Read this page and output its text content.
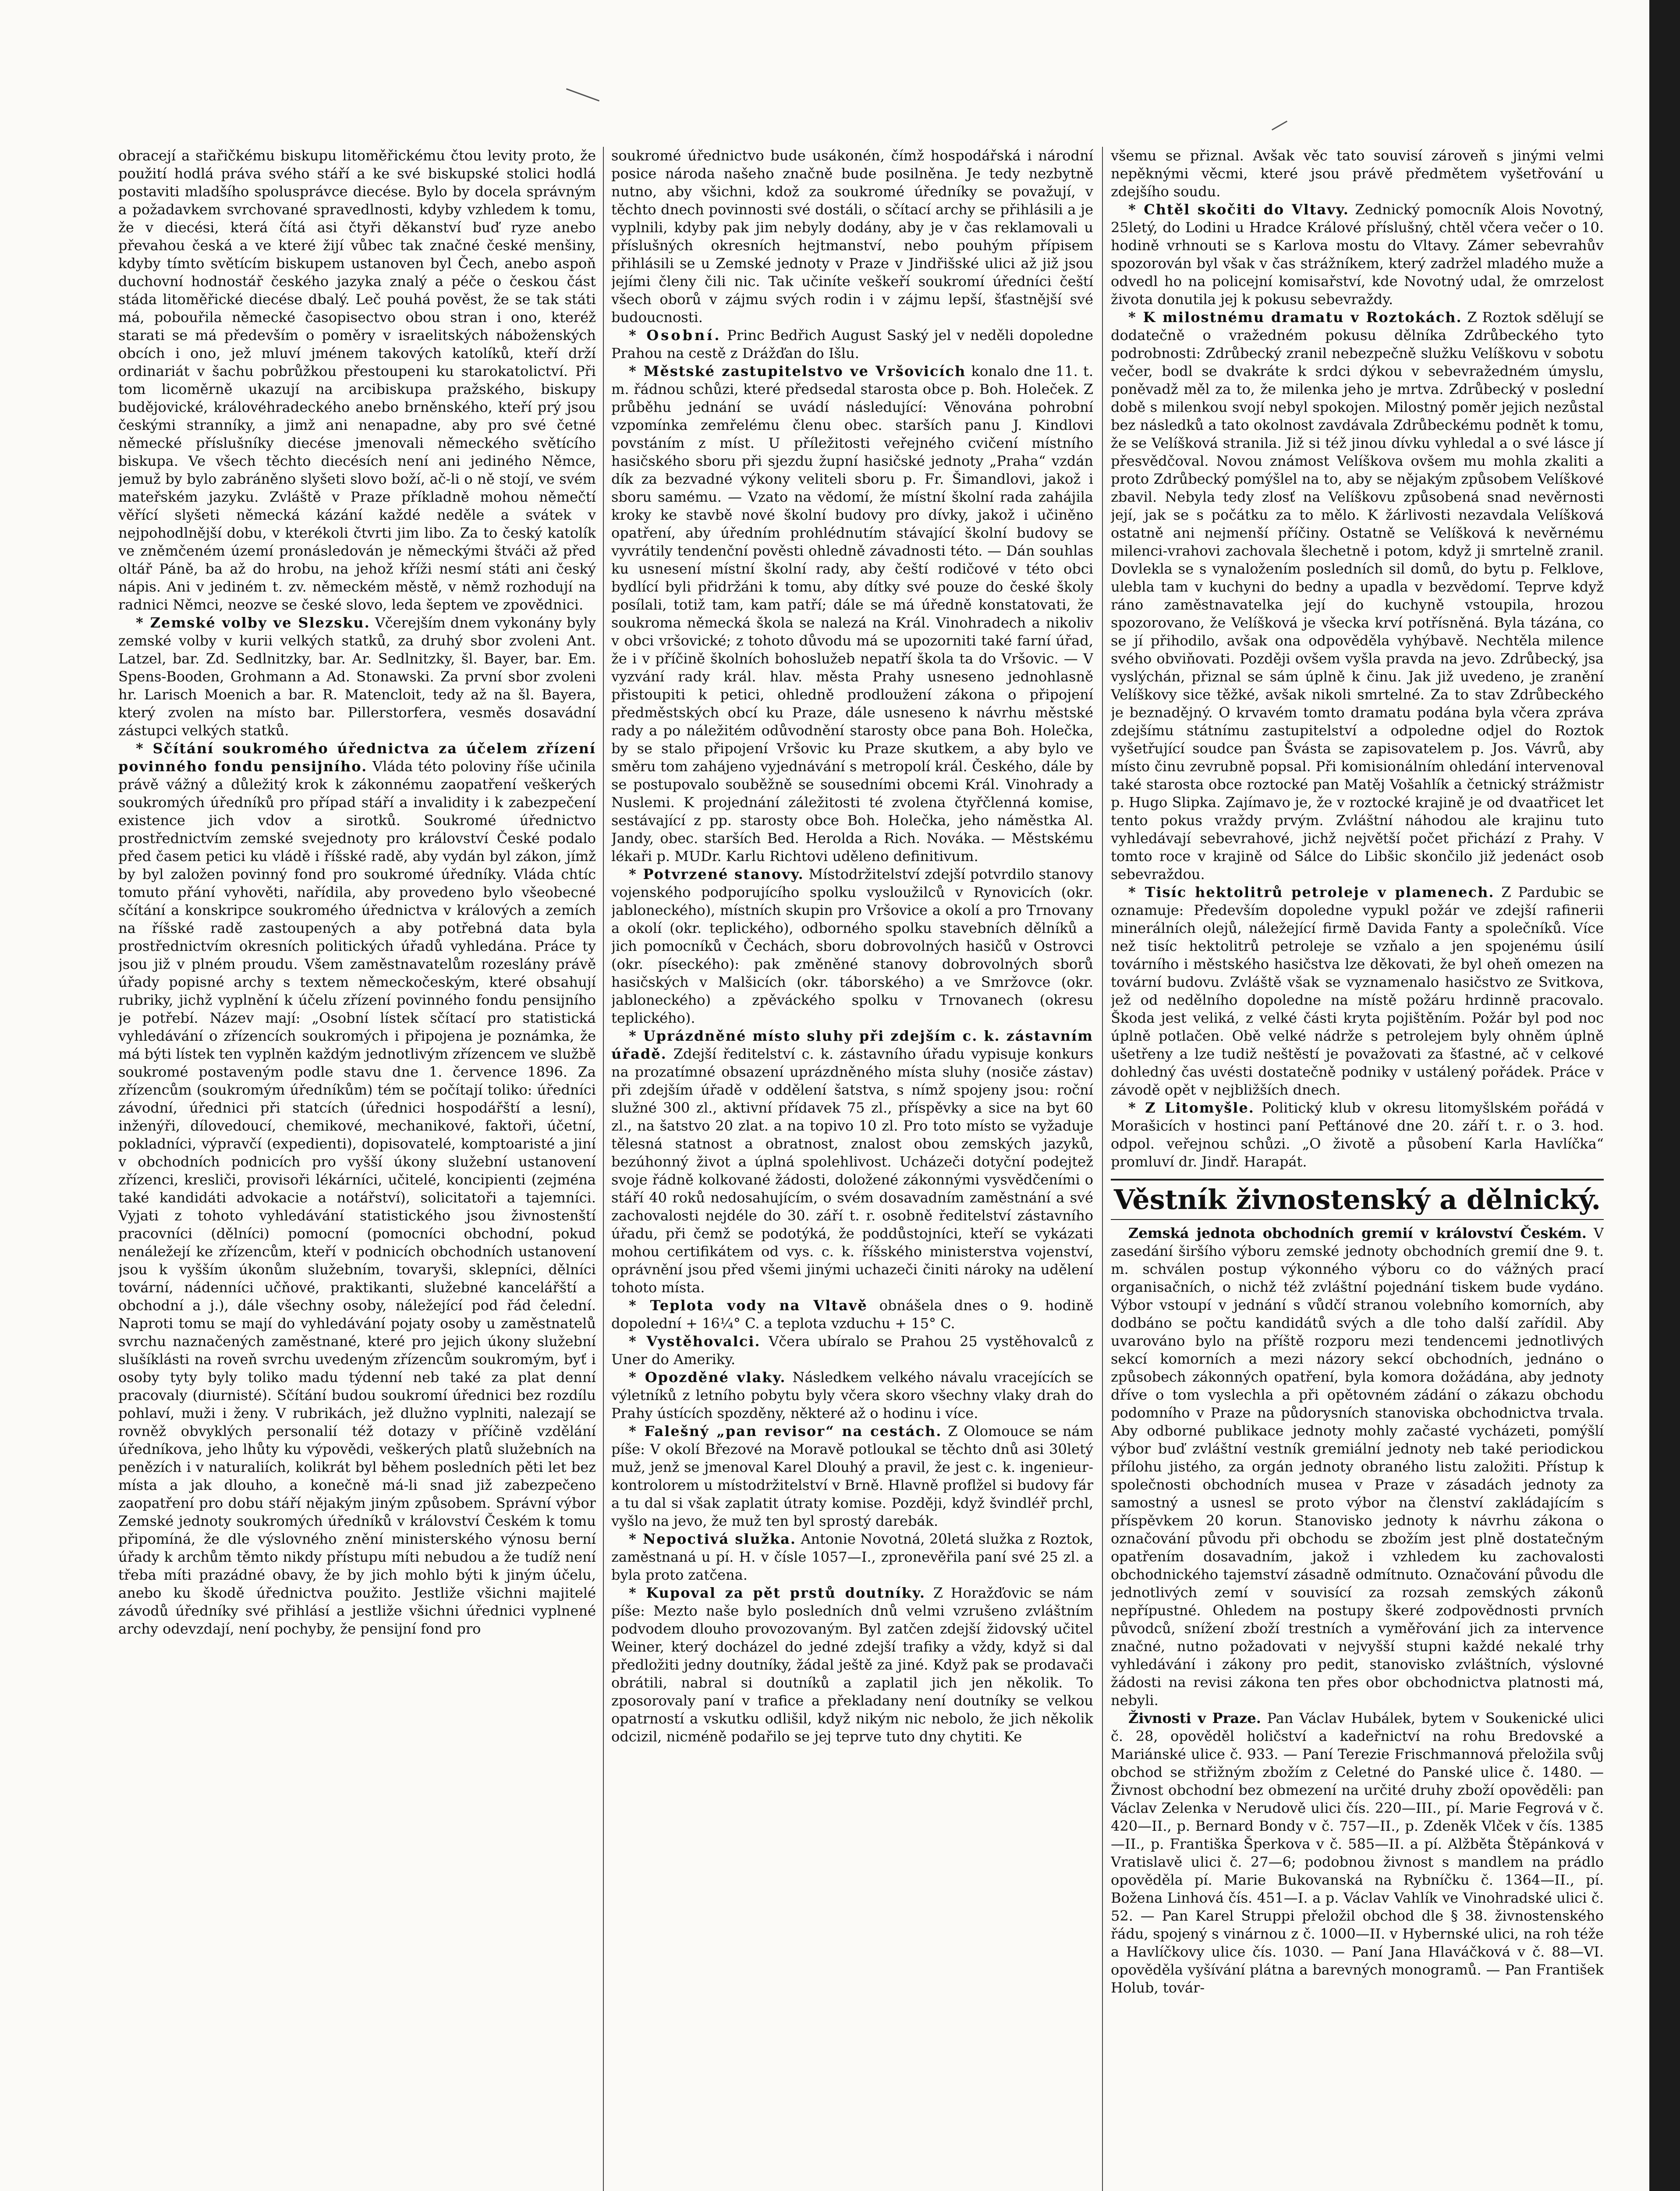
obracejí a stařičkému biskupu litoměřickému čtou levity proto, že použití hodlá práva svého stáří a ke své biskupské stolici hodlá postaviti mladšího spolusprávce diecése. Bylo by docela správným a požadavkem svrchované spravedlnosti, kdyby vzhledem k tomu, že v diecési, která čítá asi čtyři děkanství buď ryze anebo převahou česká a ve které žijí vůbec tak značné české menšiny, kdyby tímto světícím biskupem ustanoven byl Čech, anebo aspoň duchovní hodnostář českého jazyka znalý a péče o českou část stáda litoměřické diecése dbalý. Leč pouhá pověst, že se tak státi má, pobouřila německé časopisectvo obou stran i ono, kteréž starati se má především o poměry v israelitských náboženských obcích i ono, jež mluví jménem takových katolíků, kteří drží ordinariát v šachu pobrůžkou přestoupeni ku starokatolictví. Při tom licoměrně ukazují na arcibiskupa pražského, biskupy budějovické, královéhradeckého anebo brněnského, kteří prý jsou českými stranníky, a jimž ani nenapadne, aby pro své četné německé příslušníky diecése jmenovali německého světícího biskupa. Ve všech těchto diecésích není ani jediného Němce, jemuž by bylo zabráněno slyšeti slovo boží, ač-li o ně stojí, ve svém mateřském jazyku. Zvláště v Praze příkladně mohou němečtí věřící slyšeti německá kázání každé neděle a svátek v nejpohodlnější dobu, v kterékoli čtvrti jim libo. Za to český katolík ve zněmčeném území pronásledován je německými štváči až před oltář Páně, ba až do hrobu, na jehož kříži nesmí státi ani český nápis. Ani v jediném t. zv. německém městě, v němž rozhodují na radnici Němci, neozve se české slovo, leda šeptem ve zpovědnici.

* Zemské volby ve Slezsku. Včerejším dnem vykonány byly zemské volby v kurii velkých statků, za druhý sbor zvoleni Ant. Latzel, bar. Zd. Sedlnitzky, bar. Ar. Sedlnitzky, šl. Bayer, bar. Em. Spens-Booden, Grohmann a Ad. Stonawski. Za první sbor zvoleni hr. Larisch Moenich a bar. R. Matencloit, tedy až na šl. Bayera, který zvolen na místo bar. Pillerstorfera, vesměs dosavádní zástupci velkých statků.

* Sčítání soukromého úřednictva za účelem zřízení povinného fondu pensijního. Vláda této poloviny říše učinila právě vážný a důležitý krok k zákonnému zaopatření veškerých soukromých úředníků pro případ stáří a invalidity i k zabezpečení existence jich vdov a sirotků. Soukromé úřednictvo prostřednictvím zemské svejednoty pro království České podalo před časem petici ku vládě i říšské radě, aby vydán byl zákon, jímž by byl založen povinný fond pro soukromé úředníky. Vláda chtíc tomuto přání vyhověti, nařídila, aby provedeno bylo všeobecné sčítání a konskripce soukromého úřednictva v králových a zemích na říšské radě zastoupených a aby potřebná data byla prostřednictvím okresních politických úřadů vyhledána. Práce ty jsou již v plném proudu. Všem zaměstnavatelům rozeslány právě úřady popisné archy s textem německočeským, které obsahují rubriky, jichž vyplnění k účelu zřízení povinného fondu pensijního je potřebí. Název mají: „Osobní lístek sčítací pro statistická vyhledávání o zřízencích soukromých i připojena je poznámka, že má býti lístek ten vyplněn každým jednotlivým zřízencem ve službě soukromé postaveným podle stavu dne 1. července 1896. Za zřízencům (soukromým úředníkům) tém se počítají toliko: úředníci závodní, úřednici při statcích (úřednici hospodářští a lesní), inženýři, dílovedoucí, chemikové, mechanikové, faktoři, účetní, pokladníci, výpravčí (expedienti), dopisovatelé, komptoaristé a jiní v obchodních podnicích pro vyšší úkony služební ustanovení zřízenci, kresliči, provisoři lékárníci, učitelé, koncipienti (zejména také kandidáti advokacie a notářství), solicitatoři a tajemníci. Vyjati z tohoto vyhledávání statistického jsou živnostenští pracovníci (dělníci) pomocní (pomocníci obchodní, pokud nenáležejí ke zřízencům, kteří v podnicích obchodních ustanovení jsou k vyšším úkonům služebním, tovaryši, sklepníci, dělníci tovární, nádenníci učňové, praktikanti, služebné kancelářští a obchodní a j.), dále všechny osoby, náležející pod řád čelední. Naproti tomu se mají do vyhledávání pojaty osoby u zaměstnatelů svrchu naznačených zaměstnané, které pro jejich úkony služební slušíklásti na roveň svrchu uvedeným zřízencům soukromým, byť i osoby tyty byly toliko madu týdenní neb také za plat denní pracovaly (diurnisté). Sčítání budou soukromí úřednici bez rozdílu pohlaví, muži i ženy. V rubrikách, jež dlužno vyplniti, nalezají se rovněž obvyklých personalií též dotazy v příčině vzdělání úředníkova, jeho lhůty ku výpovědi, veškerých platů služebních na penězích i v naturaliích, kolikrát byl během posledních pěti let bez místa a jak dlouho, a konečně má-li snad již zabezpečeno zaopatření pro dobu stáří nějakým jiným způsobem. Správní výbor Zemské jednoty soukromých úředníků v království Českém k tomu připomíná, že dle výslovného znění ministerského výnosu berní úřady k archům těmto nikdy přístupu míti nebudou a že tudíž není třeba míti prazádné obavy, že by jich mohlo býti k jiným účelu, anebo ku škodě úřednictva použito. Jestliže všichni majitelé závodů úředníky své přihlásí a jestliže všichni úřednici vyplnené archy odevzdají, není pochyby, že pensijní fond pro

soukromé úřednictvo bude usákonén, čímž hospodářská i národní posice národa našeho značně bude posilněna. Je tedy nezbytně nutno, aby všichni, kdož za soukromé úředníky se považují, v těchto dnech povinnosti své dostáli, o sčítací archy se přihlásili a je vyplnili, kdyby pak jim nebyly dodány, aby je v čas reklamovali u příslušných okresních hejtmanství, nebo pouhým přípisem přihlásili se u Zemské jednoty v Praze v Jindřišské ulici až již jsou jejími členy čili nic. Tak učiníte veškeří soukromí úředníci čeští všech oborů v zájmu svých rodin i v zájmu lepší, šťastnější své budoucnosti.

* Osobní. Princ Bedřich August Saský jel v neděli dopoledne Prahou na cestě z Drážďan do Išlu.

* Městské zastupitelstvo ve Vršovicích konalo dne 11. t. m. řádnou schůzi, které předsedal starosta obce p. Boh. Holeček. Z průběhu jednání se uvádí následující: Věnována pohrobní vzpomínka zemřelému členu obec. starších panu J. Kindlovi povstáním z míst. U příležitosti veřejného cvičení místního hasičského sboru při sjezdu župní hasičské jednoty „Praha“ vzdán dík za bezvadné výkony veliteli sboru p. Fr. Šimandlovi, jakož i sboru samému. — Vzato na vědomí, že místní školní rada zahájila kroky ke stavbě nové školní budovy pro dívky, jakož i učiněno opatření, aby úředním prohlédnutím stávající školní budovy se vyvrátily tendenční pověsti ohledně závadnosti této. — Dán souhlas ku usnesení místní školní rady, aby čeští rodičové v této obci bydlící byli přidržáni k tomu, aby dítky své pouze do české školy posílali, totiž tam, kam patří; dále se má úředně konstatovati, že soukroma německá škola se nalezá na Král. Vinohradech a nikoliv v obci vršovické; z tohoto důvodu má se upozorniti také farní úřad, že i v příčině školních bohoslužeb nepatří škola ta do Vršovic. — V vyzvání rady král. hlav. města Prahy usneseno jednohlasně přistoupiti k petici, ohledně prodloužení zákona o připojení předměstských obcí ku Praze, dále usneseno k návrhu městské rady a po náležitém odůvodnění starosty obce pana Boh. Holečka, by se stalo připojení Vršovic ku Praze skutkem, a aby bylo ve směru tom zahájeno vyjednávání s metropolí král. Českého, dále by se postupovalo souběžně se sousedními obcemi Král. Vinohrady a Nuslemi. K projednání záležitosti té zvolena čtyřčlenná komise, sestávající z pp. starosty obce Boh. Holečka, jeho náměstka Al. Jandy, obec. starších Bed. Herolda a Rich. Nováka. — Městskému lékaři p. MUDr. Karlu Richtovi uděleno definitivum.

* Potvrzené stanovy. Místodržitelství zdejší potvrdilo stanovy vojenského podporujícího spolku vysloužilců v Rynovicích (okr. jabloneckého), místních skupin pro Vršovice a okolí a pro Trnovany a okolí (okr. teplického), odborného spolku stavebních dělníků a jich pomocníků v Čechách, sboru dobrovolných hasičů v Ostrovci (okr. píseckého): pak změněné stanovy dobrovolných sborů hasičských v Malšicích (okr. táborského) a ve Smržovce (okr. jabloneckého) a zpěváckého spolku v Trnovanech (okresu teplického).

* Uprázdněné místo sluhy při zdejším c. k. zástavním úřadě. Zdejší ředitelství c. k. zástavního úřadu vypisuje konkurs na prozatímné obsazení uprázdněného místa sluhy (nosiče zástav) při zdejším úřadě v oddělení šatstva, s nímž spojeny jsou: roční služné 300 zl., aktivní přídavek 75 zl., příspěvky a sice na byt 60 zl., na šatstvo 20 zlat. a na topivo 10 zl. Pro toto místo se vyžaduje tělesná statnost a obratnost, znalost obou zemských jazyků, bezúhonný život a úplná spolehlivost. Ucházeči dotyční podejtež svoje řádně kolkované žádosti, doložené zákonnými vysvědčeními o stáří 40 roků nedosahujícím, o svém dosavadním zaměstnání a své zachovalosti nejdéle do 30. září t. r. osobně ředitelství zástavního úřadu, při čemž se podotýká, že poddůstojníci, kteří se vykázati mohou certifikátem od vys. c. k. říšského ministerstva vojenství, oprávnění jsou před všemi jinými uchazeči činiti nároky na udělení tohoto místa.

* Teplota vody na Vltavě obnášela dnes o 9. hodině dopolední + 16¼° C. a teplota vzduchu + 15° C.

* Vystěhovalci. Včera ubíralo se Prahou 25 vystěhovalců z Uner do Ameriky.

* Opozděné vlaky. Následkem velkého návalu vracejících se výletníků z letního pobytu byly včera skoro všechny vlaky drah do Prahy ústících spozděny, některé až o hodinu i více.

* Falešný „pan revisor“ na cestách. Z Olomouce se nám píše: V okolí Březové na Moravě potloukal se těchto dnů asi 30letý muž, jenž se jmenoval Karel Dlouhý a pravil, že jest c. k. ingenieur-kontrolorem u místodržitelství v Brně. Hlavně proflžel si budovy fár a tu dal si však zaplatit útraty komise. Později, když švindléř prchl, vyšlo na jevo, že muž ten byl sprostý darebák.

* Nepoctivá služka. Antonie Novotná, 20letá služka z Roztok, zaměstnaná u pí. H. v čísle 1057—I., zpronevěřila paní své 25 zl. a byla proto zatčena.

* Kupoval za pět prstů doutníky. Z Horažďovic se nám píše: Mezto naše bylo posledních dnů velmi vzrušeno zvláštním podvodem dlouho provozovaným. Byl zatčen zdejší židovský učitel Weiner, který docházel do jedné zdejší trafiky a vždy, když si dal předložiti jedny doutníky, žádal ještě za jiné. Když pak se prodavači obrátili, nabral si doutníků a zaplatil jich jen několik. To zposorovaly paní v trafice a překladany není doutníky se velkou opatrností a vskutku odlišil, když nikým nic nebolo, že jich několik odcizil, nicméně podařilo se jej teprve tuto dny chytiti. Ke

všemu se přiznal. Avšak věc tato souvisí zároveň s jinými velmi nepěknými věcmi, které jsou právě předmětem vyšetřování u zdejšího soudu.

* Chtěl skočiti do Vltavy. Zednický pomocník Alois Novotný, 25letý, do Lodini u Hradce Králové příslušný, chtěl včera večer o 10. hodině vrhnouti se s Karlova mostu do Vltavy. Zámer sebevrahův spozorován byl však v čas strážníkem, který zadržel mladého muže a odvedl ho na policejní komisařství, kde Novotný udal, že omrzelost života donutila jej k pokusu sebevraždy.

* K milostnému dramatu v Roztokách. Z Roztok sdělují se dodatečně o vražedném pokusu dělníka Zdrůbeckého tyto podrobnosti: Zdrůbecký zranil nebezpečně služku Velíškovu v sobotu večer, bodl se dvakráte k srdci dýkou v sebevražedném úmyslu, poněvadž měl za to, že milenka jeho je mrtva. Zdrůbecký v poslední době s milenkou svojí nebyl spokojen. Milostný poměr jejich nezůstal bez následků a tato okolnost zavdávala Zdrůbeckému podnět k tomu, že se Velíšková stranila. Již si též jinou dívku vyhledal a o své lásce jí přesvědčoval. Novou známost Velíškova ovšem mu mohla zkaliti a proto Zdrůbecký pomýšlel na to, aby se nějakým způsobem Velíškové zbavil. Nebyla tedy zlosť na Velíškovu způsobená snad nevěrnosti její, jak se s počátku za to mělo. K žárlivosti nezavdala Velíšková ostatně ani nejmenší příčiny. Ostatně se Velíšková k nevěrnému milenci-vrahovi zachovala šlechetně i potom, když ji smrtelně zranil. Dovlekla se s vynaložením posledních sil domů, do bytu p. Felklove, ulebla tam v kuchyni do bedny a upadla v bezvědomí. Teprve když ráno zaměstnavatelka její do kuchyně vstoupila, hrozou spozorovano, že Velíšková je všecka krví potřísněná. Byla tázána, co se jí přihodilo, avšak ona odpověděla vyhýbavě. Nechtěla milence svého obviňovati. Později ovšem vyšla pravda na jevo. Zdrůbecký, jsa vyslýchán, přiznal se sám úplně k činu. Jak již uvedeno, je zranění Velíškovy sice těžké, avšak nikoli smrtelné. Za to stav Zdrůbeckého je beznadějný. O krvavém tomto dramatu podána byla včera zpráva zdejšímu státnímu zastupitelství a odpoledne odjel do Roztok vyšetřující soudce pan Švásta se zapisovatelem p. Jos. Vávrů, aby místo činu zevrubně popsal. Při komisionálním ohledání intervenoval také starosta obce roztocké pan Matěj Vošahlík a četnický strážmistr p. Hugo Slipka. Zajímavo je, že v roztocké krajině je od dvaatřicet let tento pokus vraždy prvým. Zvláštní náhodou ale krajinu tuto vyhledávají sebevrahové, jichž největší počet přichází z Prahy. V tomto roce v krajině od Sálce do Libšic skončilo již jedenáct osob sebevraždou.

* Tisíc hektolitrů petroleje v plamenech. Z Pardubic se oznamuje: Především dopoledne vypukl požár ve zdejší rafinerii minerálních olejů, náležející firmě Davida Fanty a společníků. Více než tisíc hektolitrů petroleje se vzňalo a jen spojenému úsilí továrního i městského hasičstva lze děkovati, že byl oheň omezen na tovární budovu. Zvláště však se vyznamenalo hasičstvo ze Svitkova, jež od nedělního dopoledne na místě požáru hrdinně pracovalo. Škoda jest veliká, z velké části kryta pojištěním. Požár byl pod noc úplně potlačen. Obě velké nádrže s petrolejem byly ohněm úplně ušetřeny a lze tudiž neštěstí je považovati za šťastné, ač v celkové dohledný čas uvésti dostatečně podniky v ustálený pořádek. Práce v závodě opět v nejbližších dnech.

* Z Litomyšle. Politický klub v okresu litomyšlském pořádá v Morašicích v hostinci paní Peťtánové dne 20. září t. r. o 3. hod. odpol. veřejnou schůzi. „O životě a působení Karla Havlíčka“ promluví dr. Jindř. Harapát.

Věstník živnostenský a dělnický.

Zemská jednota obchodních gremií v království Českém. V zasedání širšího výboru zemské jednoty obchodních gremií dne 9. t. m. schválen postup výkonného výboru co do vážných prací organisačních, o nichž též zvláštní pojednání tiskem bude vydáno. Výbor vstoupí v jednání s vůdčí stranou volebního komorních, aby dodbáno se počtu kandidátů svých a dle toho další zařídil. Aby uvarováno bylo na příště rozporu mezi tendencemi jednotlivých sekcí komorních a mezi názory sekcí obchodních, jednáno o způsobech zákonných opatření, byla komora dožádána, aby jednoty dříve o tom vyslechla a při opětovném zádání o zákazu obchodu podomního v Praze na půdorysních stanoviska obchodnictva trvala. Aby odborné publikace jednoty mohly začasté vycházeti, pomýšlí výbor buď zvláštní vestník gremiální jednoty neb také periodickou přílohu jistého, za orgán jednoty obraného listu založiti. Přístup k společnosti obchodních musea v Praze v zásadách jednoty za samostný a usnesl se proto výbor na členství zakládajícím s příspěvkem 20 korun. Stanovisko jednoty k návrhu zákona o označování původu při obchodu se zbožím jest plně dostatečným opatřením dosavadním, jakož i vzhledem ku zachovalosti obchodnického tajemství zásadně odmítnuto. Označování původu dle jednotlivých zemí v souvisící za rozsah zemských zákonů nepřípustné. Ohledem na postupy škeré zodpovědnosti prvních původců, snížení zboží trestních a vyměřování jich za intervence značné, nutno požadovati v nejvyšší stupni každé nekalé trhy vyhledávání i zákony pro pedit, stanovisko zvláštních, výslovné žádosti na revisi zákona ten přes obor obchodnictva platnosti má, nebyli.

Živnosti v Praze. Pan Václav Hubálek, bytem v Soukenické ulici č. 28, opověděl holičství a kadeřnictví na rohu Bredovské a Mariánské ulice č. 933. — Paní Terezie Frischmannová přeložila svůj obchod se střižným zbožím z Celetné do Panské ulice č. 1480. — Živnost obchodní bez obmezení na určité druhy zboží opověděli: pan Václav Zelenka v Nerudově ulici čís. 220—III., pí. Marie Fegrová v č. 420—II., p. Bernard Bondy v č. 757—II., p. Zdeněk Vlček v čís. 1385—II., p. Františka Šperkova v č. 585—II. a pí. Alžběta Štěpánková v Vratislavě ulici č. 27—6; podobnou živnost s mandlem na prádlo opověděla pí. Marie Bukovanská na Rybníčku č. 1364—II., pí. Božena Linhová čís. 451—I. a p. Václav Vahlík ve Vinohradské ulici č. 52. — Pan Karel Struppi přeložil obchod dle § 38. živnostenského řádu, spojený s vinárnou z č. 1000—II. v Hybernské ulici, na roh téže a Havlíčkovy ulice čís. 1030. — Paní Jana Hlaváčková v č. 88—VI. opověděla vyšívání plátna a barevných monogramů. — Pan František Holub, továr-
